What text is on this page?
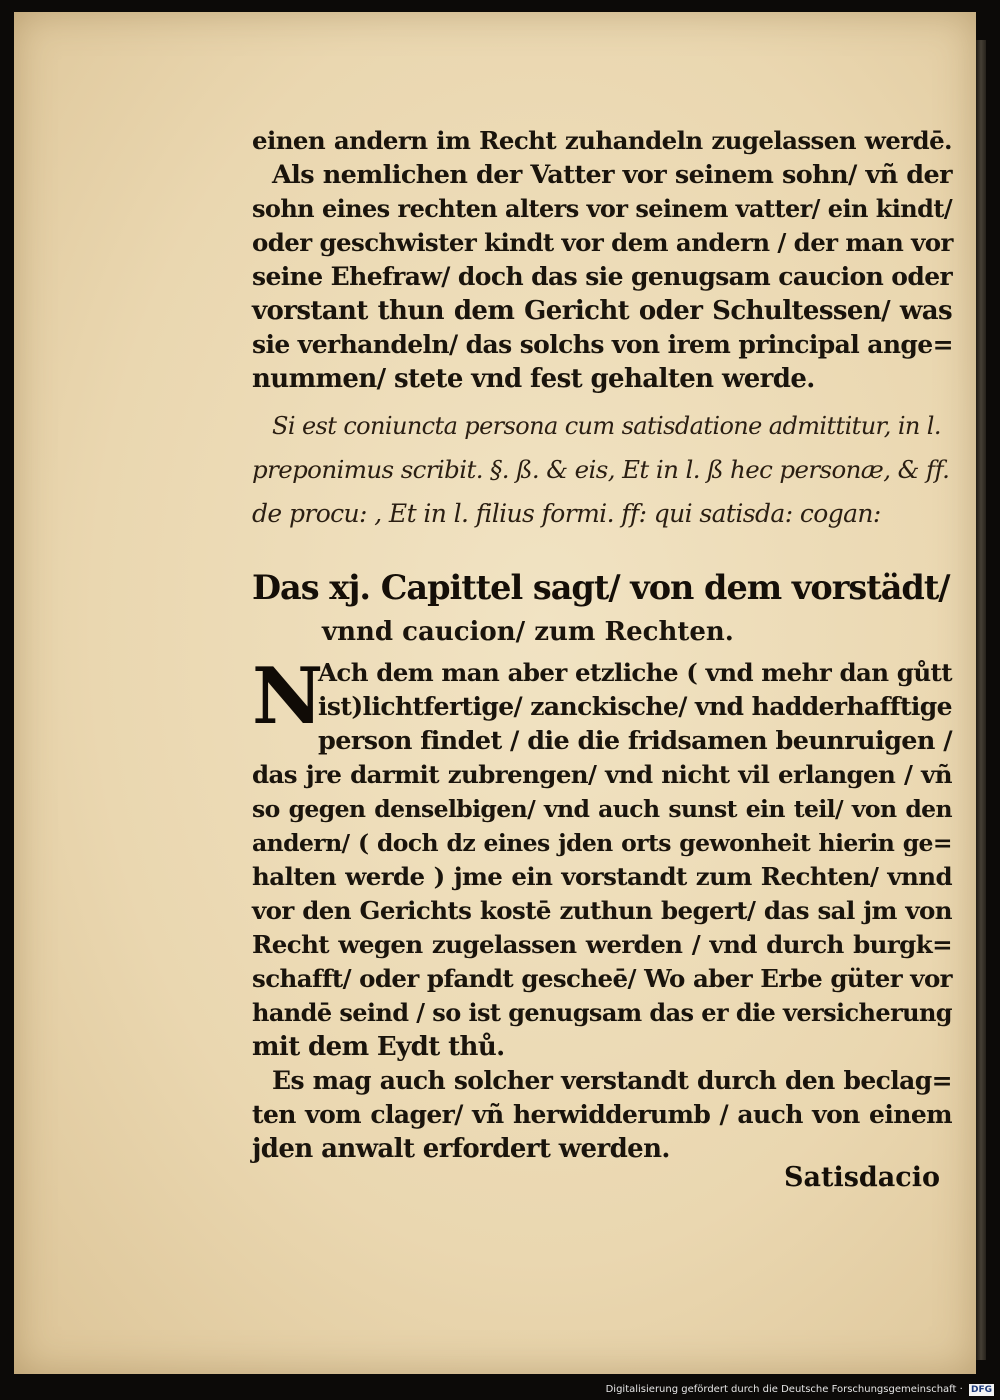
einen andern im Recht zuhandeln zugelassen werdē.
Als nemlichen der Vatter vor seinem sohn/ vñ der
sohn eines rechten alters vor seinem vatter/ ein kindt/
oder geschwister kindt vor dem andern / der man vor
seine Ehefraw/ doch das sie genugsam caucion oder
vorstant thun dem Gericht oder Schultessen/ was
sie verhandeln/ das solchs von irem principal ange=
nummen/ stete vnd fest gehalten werde.
Si est coniuncta persona cum satisdatione admittitur, in l.
preponimus scribit. §. ß. & eis, Et in l. ß hec personæ, & ff.
de procu: , Et in l. filius formi. ff: qui satisda: cogan:
Das xj. Capittel sagt/ von dem vorstädt/
vnnd caucion/ zum Rechten.
N
Ach dem man aber etzliche ( vnd mehr dan gůtt
ist)lichtfertige/ zanckische/ vnd hadderhafftige
person findet / die die fridsamen beunruigen /
das jre darmit zubrengen/ vnd nicht vil erlangen / vñ
so gegen denselbigen/ vnd auch sunst ein teil/ von den
andern/ ( doch dz eines jden orts gewonheit hierin ge=
halten werde ) jme ein vorstandt zum Rechten/ vnnd
vor den Gerichts kostē zuthun begert/ das sal jm von
Recht wegen zugelassen werden / vnd durch burgk=
schafft/ oder pfandt gescheē/ Wo aber Erbe güter vor
handē seind / so ist genugsam das er die versicherung
mit dem Eydt thů.
Es mag auch solcher verstandt durch den beclag=
ten vom clager/ vñ herwidderumb / auch von einem
jden anwalt erfordert werden.
Satisdacio
Digitalisierung gefördert durch die Deutsche Forschungsgemeinschaft · DFG
